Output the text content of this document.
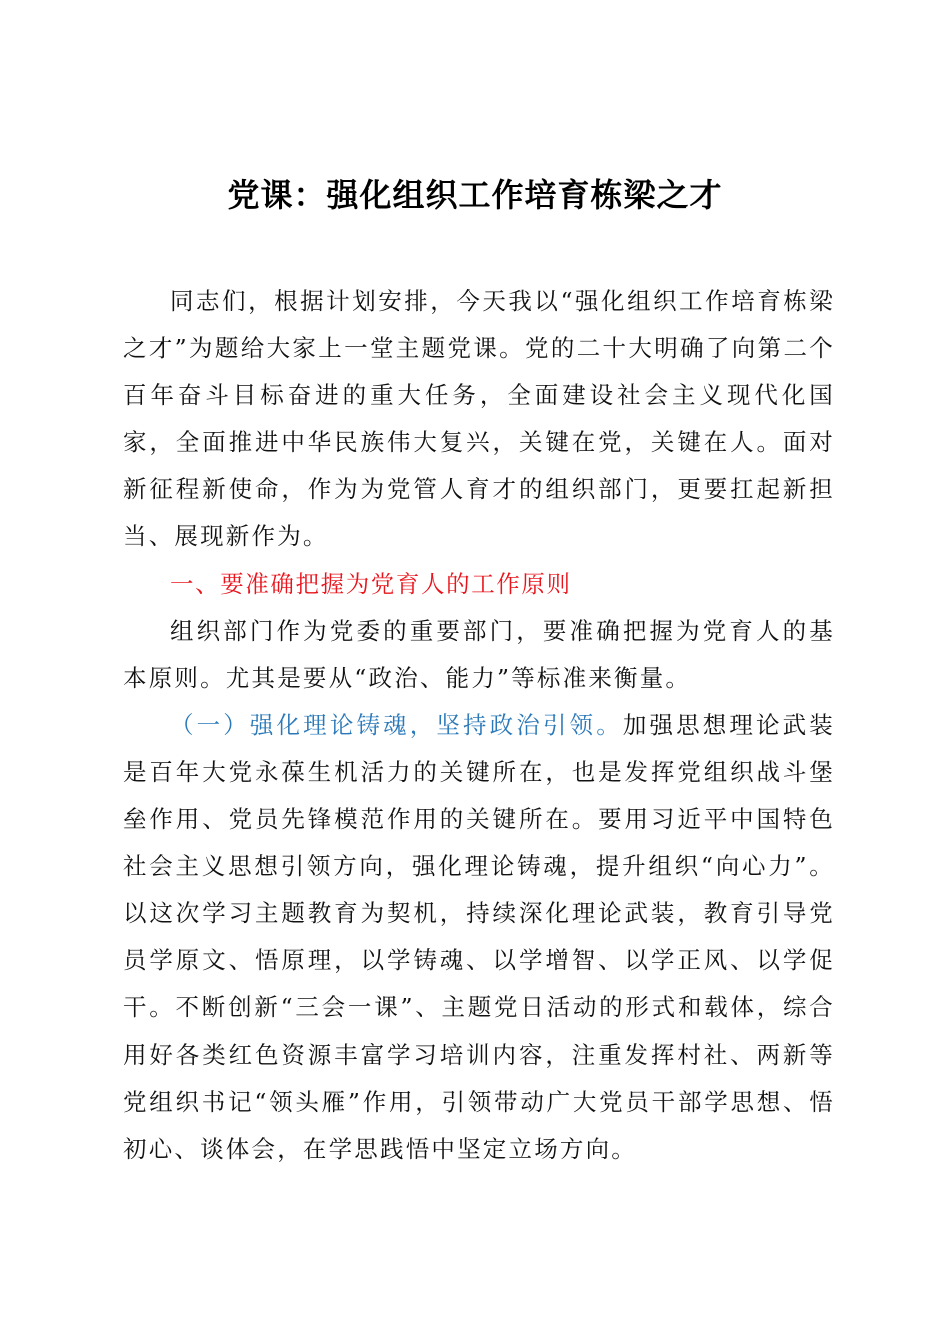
党课：强化组织工作培育栋梁之才

同志们，根据计划安排，今天我以“强化组织工作培育栋梁之才”为题给大家上一堂主题党课。党的二十大明确了向第二个百年奋斗目标奋进的重大任务，全面建设社会主义现代化国家，全面推进中华民族伟大复兴，关键在党，关键在人。面对新征程新使命，作为为党管人育才的组织部门，更要扛起新担当、展现新作为。

一、要准确把握为党育人的工作原则

组织部门作为党委的重要部门，要准确把握为党育人的基本原则。尤其是要从“政治、能力”等标准来衡量。

（一）强化理论铸魂，坚持政治引领。加强思想理论武装是百年大党永葆生机活力的关键所在，也是发挥党组织战斗堡垒作用、党员先锋模范作用的关键所在。要用习近平中国特色社会主义思想引领方向，强化理论铸魂，提升组织“向心力”。以这次学习主题教育为契机，持续深化理论武装，教育引导党员学原文、悟原理，以学铸魂、以学增智、以学正风、以学促干。不断创新“三会一课”、主题党日活动的形式和载体，综合用好各类红色资源丰富学习培训内容，注重发挥村社、两新等党组织书记“领头雁”作用，引领带动广大党员干部学思想、悟初心、谈体会，在学思践悟中坚定立场方向。
